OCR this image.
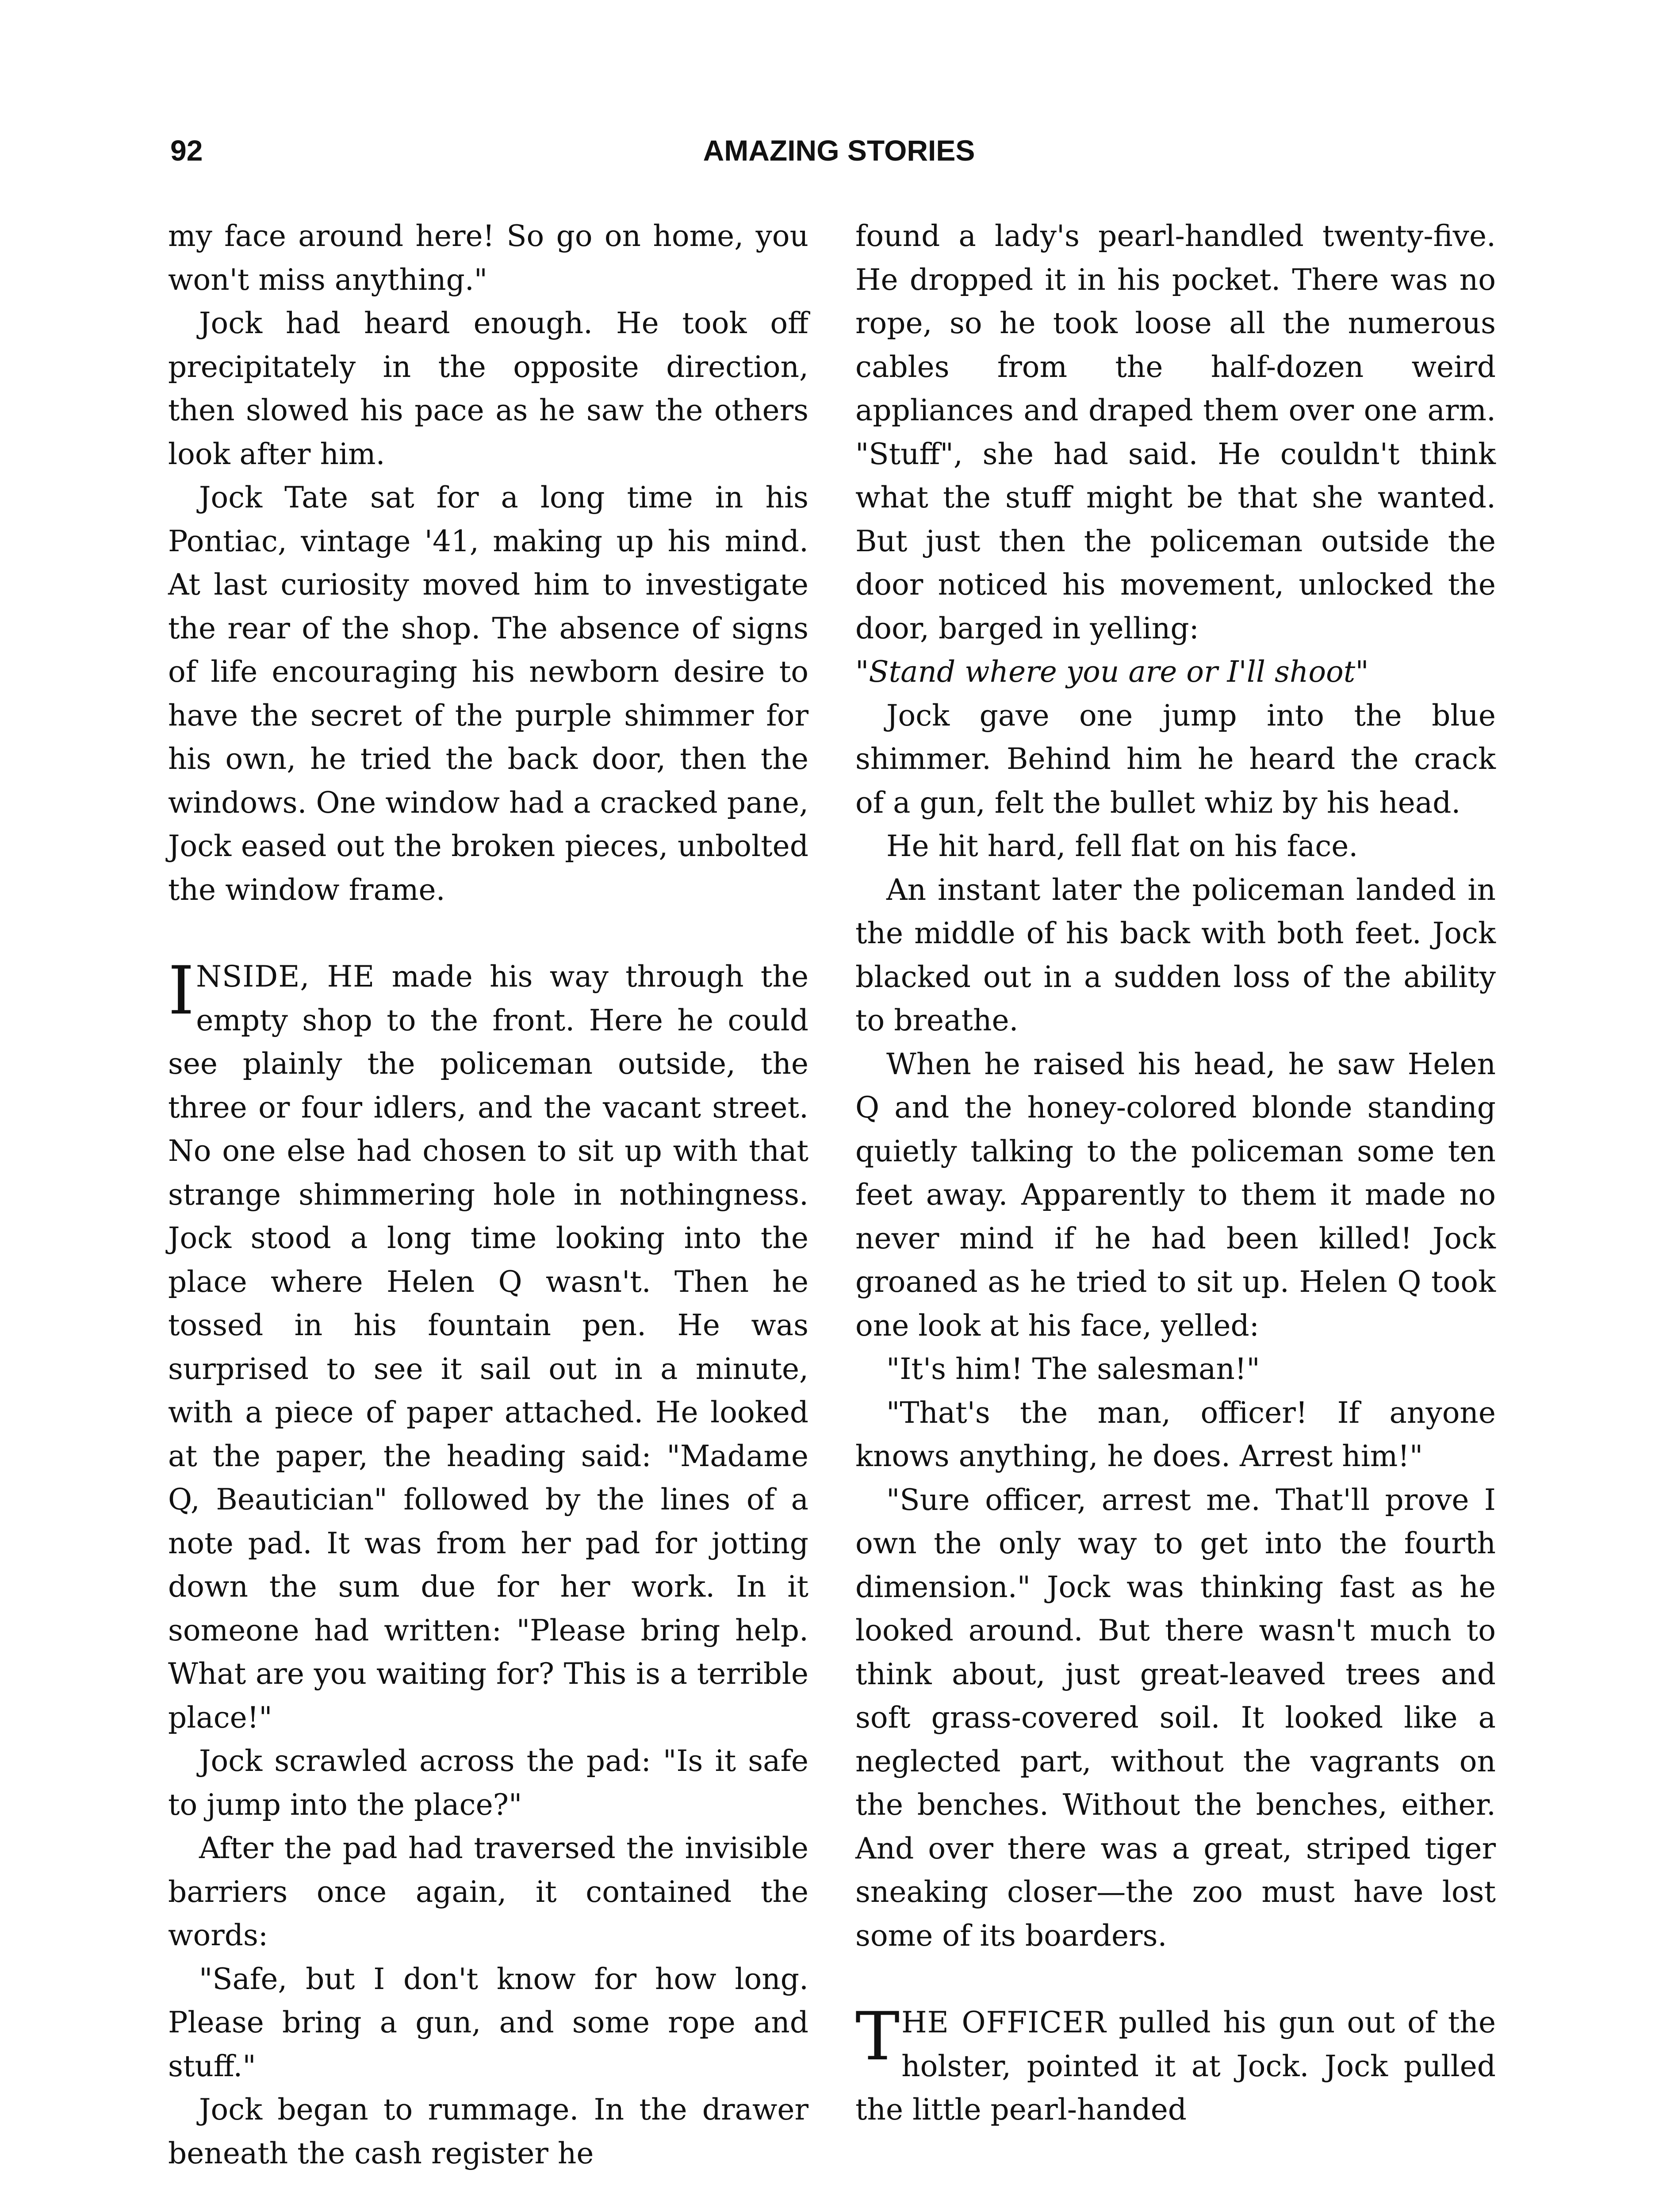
92	AMAZING STORIES

my face around here! So go on home, you won't miss anything."

Jock had heard enough. He took off precipitately in the opposite direction, then slowed his pace as he saw the others look after him.

Jock Tate sat for a long time in his Pontiac, vintage '41, making up his mind. At last curiosity moved him to investigate the rear of the shop. The absence of signs of life encouraging his newborn desire to have the secret of the purple shimmer for his own, he tried the back door, then the windows. One window had a cracked pane, Jock eased out the broken pieces, unbolted the window frame.

INSIDE, HE made his way through the empty shop to the front. Here he could see plainly the policeman outside, the three or four idlers, and the vacant street. No one else had chosen to sit up with that strange shimmering hole in nothingness. Jock stood a long time looking into the place where Helen Q wasn't. Then he tossed in his fountain pen. He was surprised to see it sail out in a minute, with a piece of paper attached. He looked at the paper, the heading said: "Madame Q, Beautician" followed by the lines of a note pad. It was from her pad for jotting down the sum due for her work. In it someone had written: "Please bring help. What are you waiting for? This is a terrible place!"

Jock scrawled across the pad: "Is it safe to jump into the place?"

After the pad had traversed the invisible barriers once again, it contained the words:

"Safe, but I don't know for how long. Please bring a gun, and some rope and stuff."

Jock began to rummage. In the drawer beneath the cash register he

found a lady's pearl-handled twenty-five. He dropped it in his pocket. There was no rope, so he took loose all the numerous cables from the half-dozen weird appliances and draped them over one arm. "Stuff", she had said. He couldn't think what the stuff might be that she wanted. But just then the policeman outside the door noticed his movement, unlocked the door, barged in yelling:

"Stand where you are or I'll shoot"

Jock gave one jump into the blue shimmer. Behind him he heard the crack of a gun, felt the bullet whiz by his head.

He hit hard, fell flat on his face.

An instant later the policeman landed in the middle of his back with both feet. Jock blacked out in a sudden loss of the ability to breathe.

When he raised his head, he saw Helen Q and the honey-colored blonde standing quietly talking to the policeman some ten feet away. Apparently to them it made no never mind if he had been killed! Jock groaned as he tried to sit up. Helen Q took one look at his face, yelled:

"It's him! The salesman!"

"That's the man, officer! If anyone knows anything, he does. Arrest him!"

"Sure officer, arrest me. That'll prove I own the only way to get into the fourth dimension." Jock was thinking fast as he looked around. But there wasn't much to think about, just great-leaved trees and soft grass-covered soil. It looked like a neglected part, without the vagrants on the benches. Without the benches, either. And over there was a great, striped tiger sneaking closer—the zoo must have lost some of its boarders.

THE OFFICER pulled his gun out of the holster, pointed it at Jock. Jock pulled the little pearl-handed
